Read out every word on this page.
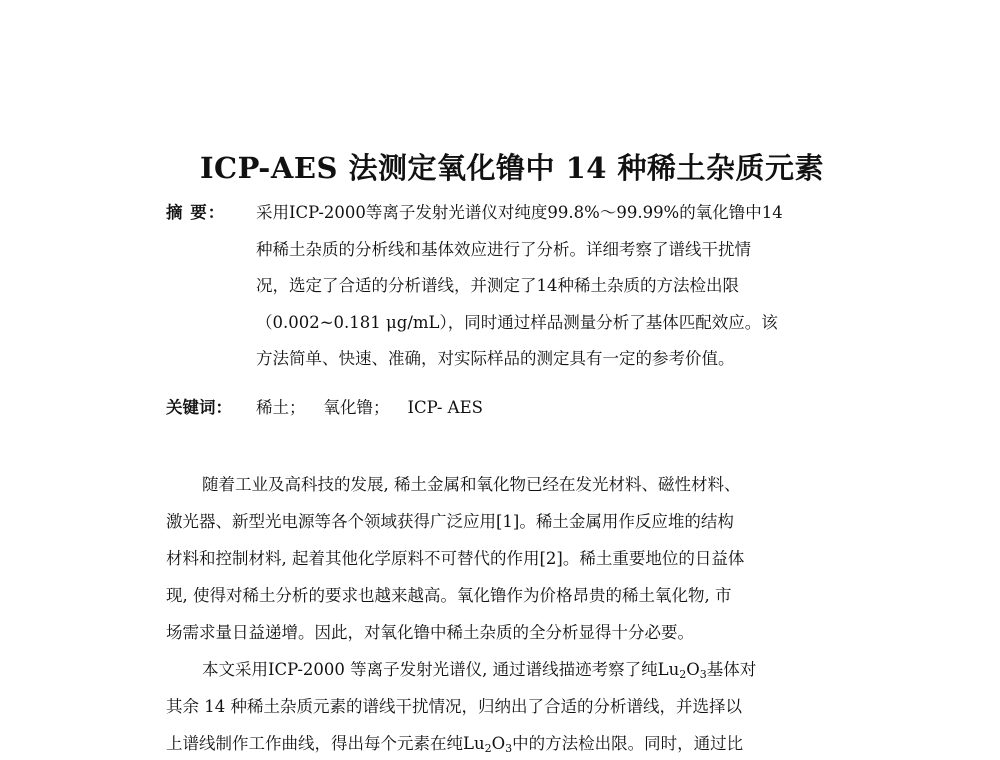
ICP-AES 法测定氧化镥中 14 种稀土杂质元素
摘 要：	采用ICP-2000等离子发射光谱仪对纯度99.8%～99.99%的氧化镥中14
种稀土杂质的分析线和基体效应进行了分析。详细考察了谱线干扰情
况，选定了合适的分析谱线，并测定了14种稀土杂质的方法检出限
（0.002~0.181 μg/mL），同时通过样品测量分析了基体匹配效应。该
方法简单、快速、准确，对实际样品的测定具有一定的参考价值。
关键词： 稀土； 氧化镥； ICP- AES
随着工业及高科技的发展, 稀土金属和氧化物已经在发光材料、磁性材料、
激光器、新型光电源等各个领域获得广泛应用[1]。稀土金属用作反应堆的结构
材料和控制材料, 起着其他化学原料不可替代的作用[2]。稀土重要地位的日益体
现, 使得对稀土分析的要求也越来越高。氧化镥作为价格昂贵的稀土氧化物, 市
场需求量日益递增。因此，对氧化镥中稀土杂质的全分析显得十分必要。
本文采用ICP-2000 等离子发射光谱仪, 通过谱线描迹考察了纯$Lu_2O_3$基体对
其余 14 种稀土杂质元素的谱线干扰情况，归纳出了合适的分析谱线，并选择以
上谱线制作工作曲线，得出每个元素在纯$Lu_2O_3$中的方法检出限。同时，通过比
